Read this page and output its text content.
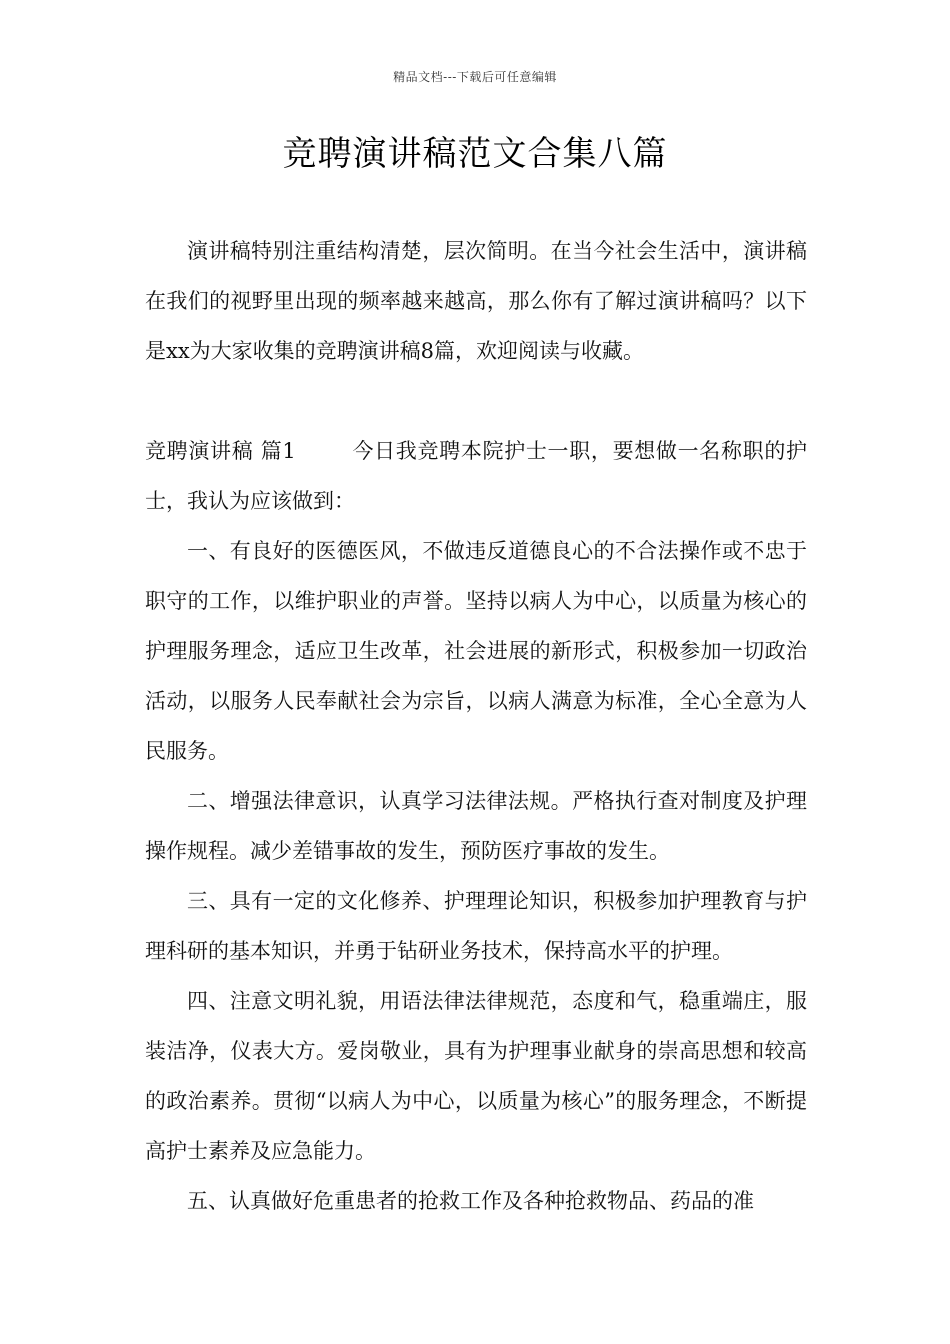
精品文档---下载后可任意编辑
竞聘演讲稿范文合集八篇

演讲稿特别注重结构清楚，层次简明。在当今社会生活中，演讲稿在我们的视野里出现的频率越来越高，那么你有了解过演讲稿吗？以下是xx为大家收集的竞聘演讲稿8篇，欢迎阅读与收藏。

竞聘演讲稿 篇1	今日我竞聘本院护士一职，要想做一名称职的护士，我认为应该做到：

一、有良好的医德医风，不做违反道德良心的不合法操作或不忠于职守的工作，以维护职业的声誉。坚持以病人为中心，以质量为核心的护理服务理念，适应卫生改革，社会进展的新形式，积极参加一切政治活动，以服务人民奉献社会为宗旨，以病人满意为标准，全心全意为人民服务。

二、增强法律意识，认真学习法律法规。严格执行查对制度及护理操作规程。减少差错事故的发生，预防医疗事故的发生。

三、具有一定的文化修养、护理理论知识，积极参加护理教育与护理科研的基本知识，并勇于钻研业务技术，保持高水平的护理。

四、注意文明礼貌，用语法律法律规范，态度和气，稳重端庄，服装洁净，仪表大方。爱岗敬业，具有为护理事业献身的崇高思想和较高的政治素养。贯彻“以病人为中心，以质量为核心”的服务理念，不断提高护士素养及应急能力。

五、认真做好危重患者的抢救工作及各种抢救物品、药品的准
